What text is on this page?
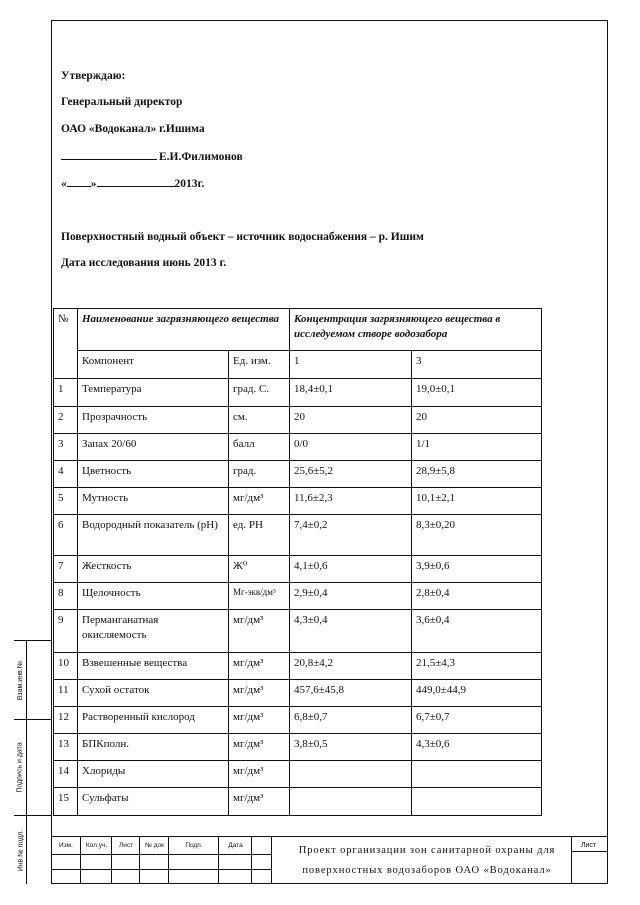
Утверждаю:
Генеральный директор
ОАО «Водоканал» г.Ишима
Е.И.Филимонов
« »	2013г.
Поверхностный водный объект – источник водоснабжения – р. Ишим
Дата исследования июнь 2013 г.
№	Наименование загрязняющего вещества		Концентрация загрязняющего вещества в исследуемом створе водозабора	
	Компонент	Ед. изм.	1	3
1	Температура	град. С.	18,4±0,1	19,0±0,1
2	Прозрачность	см.	20	20
3	Запах 20/60	балл	0/0	1/1
4	Цветность	град.	25,6±5,2	28,9±5,8
5	Мутность	мг/дм³	11,6±2,3	10,1±2,1
6	Водородный показатель (pH)	ед. PH	7,4±0,2	8,3±0,20
7	Жесткость	Ж⁰	4,1±0,6	3,9±0,6
8	Щелочность	Мг-экв/дм³	2,9±0,4	2,8±0,4
9	Перманганатная окисляемость	мг/дм³	4,3±0,4	3,6±0,4
10	Взвешенные вещества	мг/дм³	20,8±4,2	21,5±4,3
11	Сухой остаток	мг/дм³	457,6±45,8	449,0±44,9
12	Растворенный кислород	мг/дм³	6,8±0,7	6,7±0,7
13	БПКполн.	мг/дм³	3,8±0,5	4,3±0,6
14	Хлориды	мг/дм³		
15	Сульфаты	мг/дм³		
Взам.инв.№
Подпись и дата
Инв.№ подл.	Изм.	Кол.уч.	Лист	№ док	Подп.	Дата	Проект организации зон санитарной охраны для
поверхностных водозаборов ОАО «Водоканал»
Лист
